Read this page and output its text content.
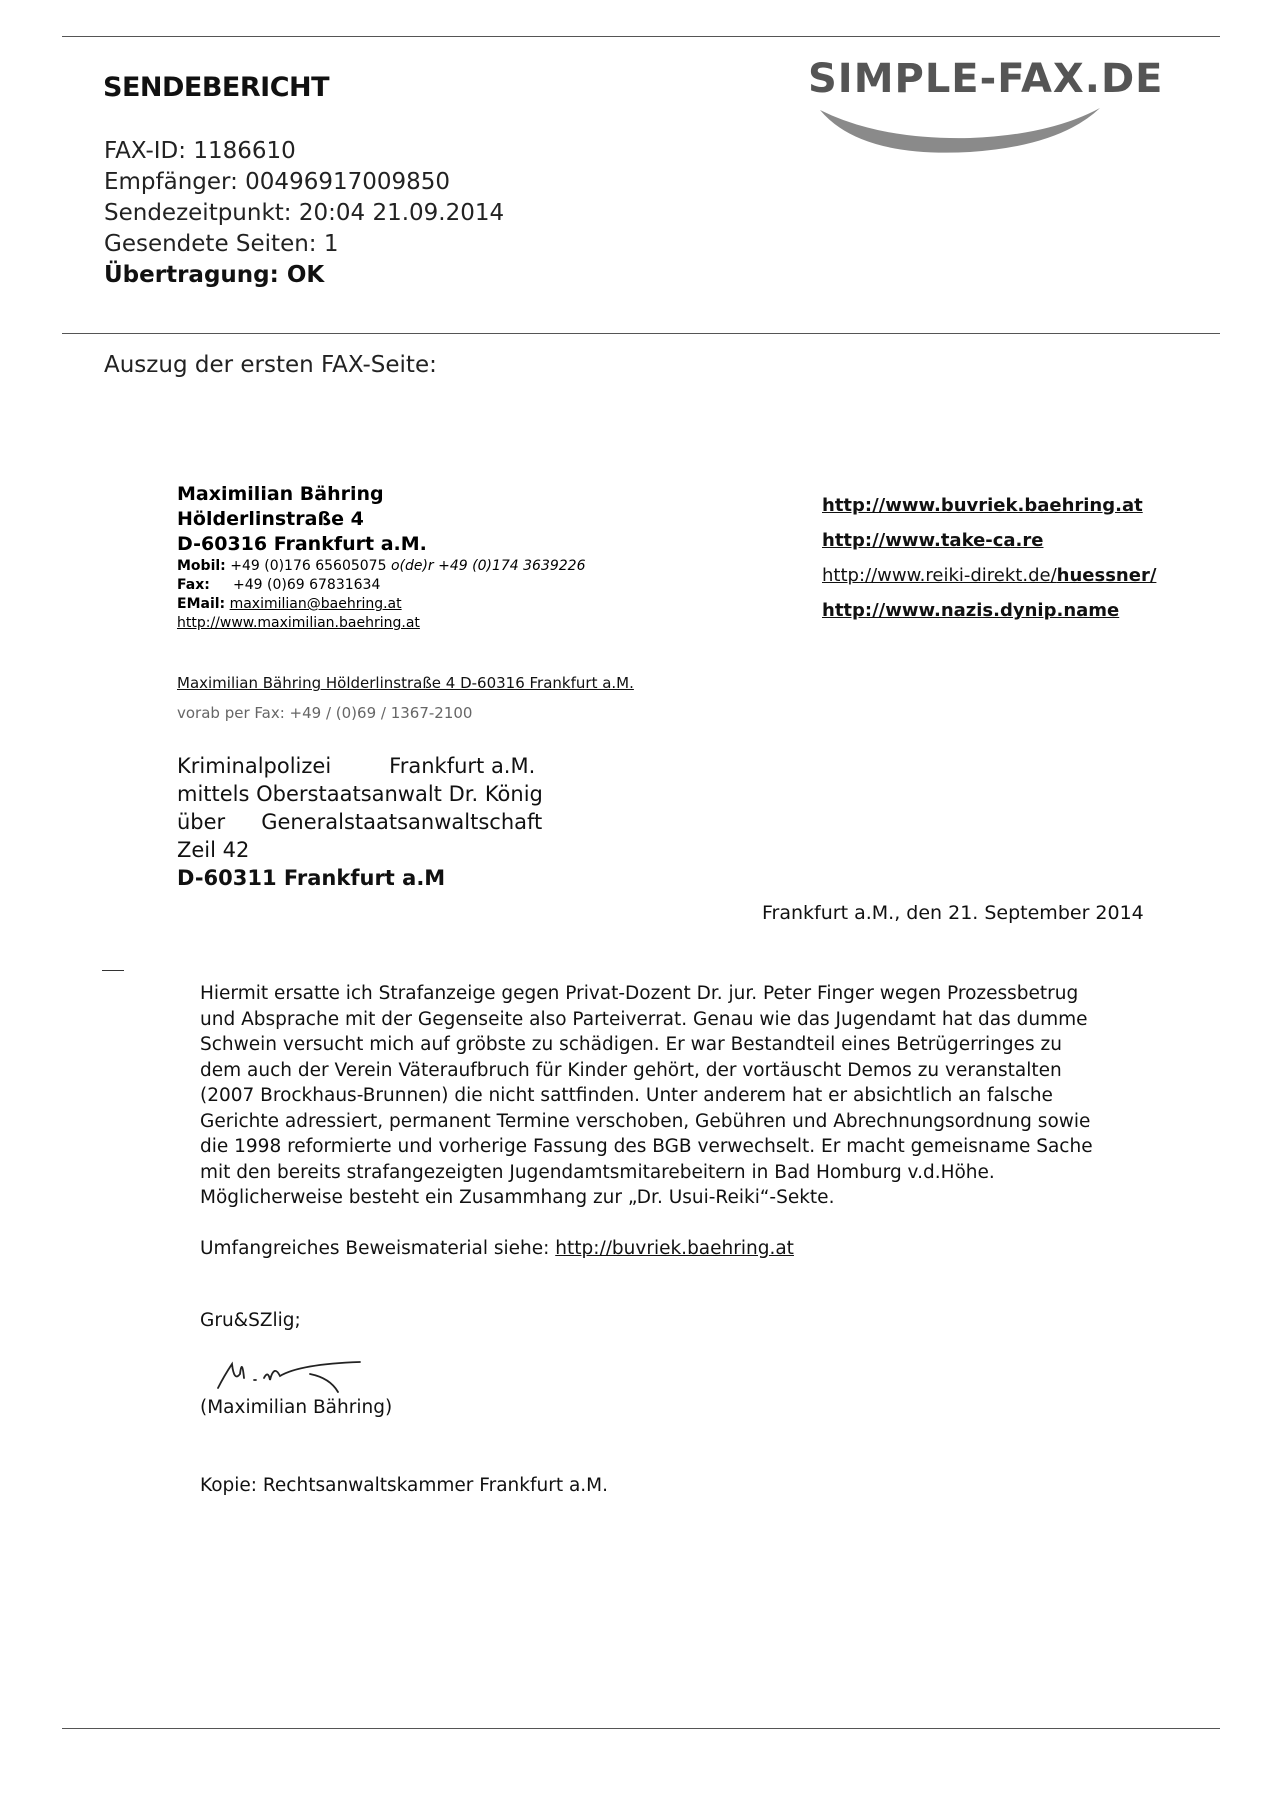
SENDEBERICHT	SIMPLE-FAX.DE
FAX-ID: 1186610
Empfänger: 00496917009850
Sendezeitpunkt: 20:04 21.09.2014
Gesendete Seiten: 1
Übertragung: OK
Auszug der ersten FAX-Seite:
Maximilian Bähring
Hölderlinstraße 4
D-60316 Frankfurt a.M.
Mobil: +49 (0)176 65605075 o(de)r +49 (0)174 3639226
Fax: +49 (0)69 67831634
EMail: maximilian@baehring.at
http://www.maximilian.baehring.at
http://www.buvriek.baehring.at
http://www.take-ca.re
http://www.reiki-direkt.de/huessner/
http://www.nazis.dynip.name
Maximilian Bähring Hölderlinstraße 4 D-60316 Frankfurt a.M.
vorab per Fax: +49 / (0)69 / 1367-2100
Kriminalpolizei	Frankfurt a.M.
mittels Oberstaatsanwalt Dr. König
über Generalstaatsanwaltschaft
Zeil 42
D-60311 Frankfurt a.M
Frankfurt a.M., den 21. September 2014
Hiermit ersatte ich Strafanzeige gegen Privat-Dozent Dr. jur. Peter Finger wegen Prozessbetrug und Absprache mit der Gegenseite also Parteiverrat. Genau wie das Jugendamt hat das dumme Schwein versucht mich auf gröbste zu schädigen. Er war Bestandteil eines Betrügerringes zu dem auch der Verein Väteraufbruch für Kinder gehört, der vortäuscht Demos zu veranstalten (2007 Brockhaus-Brunnen) die nicht sattfinden. Unter anderem hat er absichtlich an falsche Gerichte adressiert, permanent Termine verschoben, Gebühren und Abrechnungsordnung sowie die 1998 reformierte und vorherige Fassung des BGB verwechselt. Er macht gemeisname Sache mit den bereits strafangezeigten Jugendamtsmitarebeitern in Bad Homburg v.d.Höhe. Möglicherweise besteht ein Zusammhang zur „Dr. Usui-Reiki“-Sekte.
Umfangreiches Beweismaterial siehe: http://buvriek.baehring.at
Gru&SZlig;
(Maximilian Bähring)
Kopie: Rechtsanwaltskammer Frankfurt a.M.
